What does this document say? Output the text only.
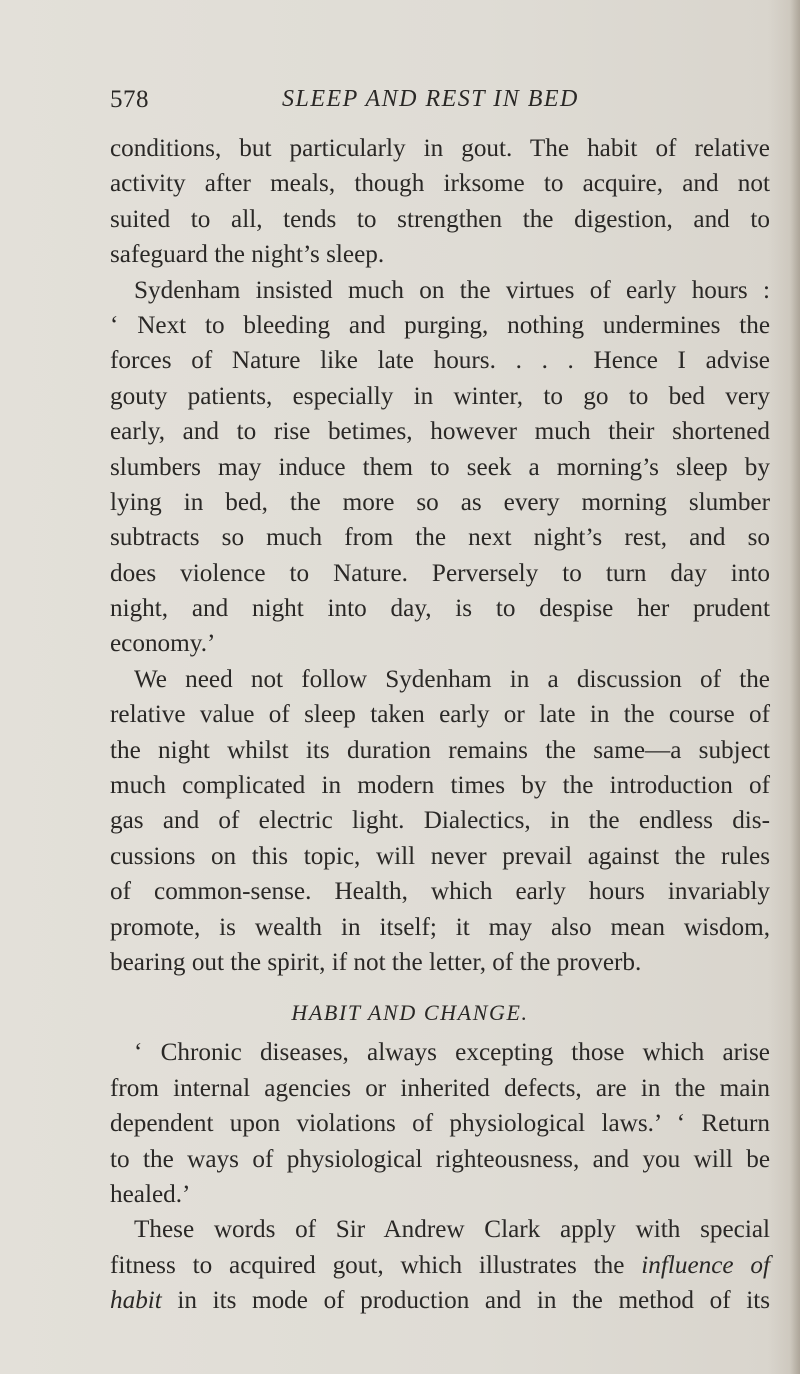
578	SLEEP AND REST IN BED
conditions, but particularly in gout. The habit of relative
activity after meals, though irksome to acquire, and not
suited to all, tends to strengthen the digestion, and to
safeguard the night’s sleep.
Sydenham insisted much on the virtues of early hours :
‘ Next to bleeding and purging, nothing undermines the
forces of Nature like late hours. . . . Hence I advise
gouty patients, especially in winter, to go to bed very
early, and to rise betimes, however much their shortened
slumbers may induce them to seek a morning’s sleep by
lying in bed, the more so as every morning slumber
subtracts so much from the next night’s rest, and so
does violence to Nature. Perversely to turn day into
night, and night into day, is to despise her prudent
economy.’
We need not follow Sydenham in a discussion of the
relative value of sleep taken early or late in the course of
the night whilst its duration remains the same—a subject
much complicated in modern times by the introduction of
gas and of electric light. Dialectics, in the endless dis-
cussions on this topic, will never prevail against the rules
of common-sense. Health, which early hours invariably
promote, is wealth in itself; it may also mean wisdom,
bearing out the spirit, if not the letter, of the proverb.
HABIT AND CHANGE.
‘ Chronic diseases, always excepting those which arise
from internal agencies or inherited defects, are in the main
dependent upon violations of physiological laws.’ ‘ Return
to the ways of physiological righteousness, and you will be
healed.’
These words of Sir Andrew Clark apply with special
fitness to acquired gout, which illustrates the influence of
habit in its mode of production and in the method of its
